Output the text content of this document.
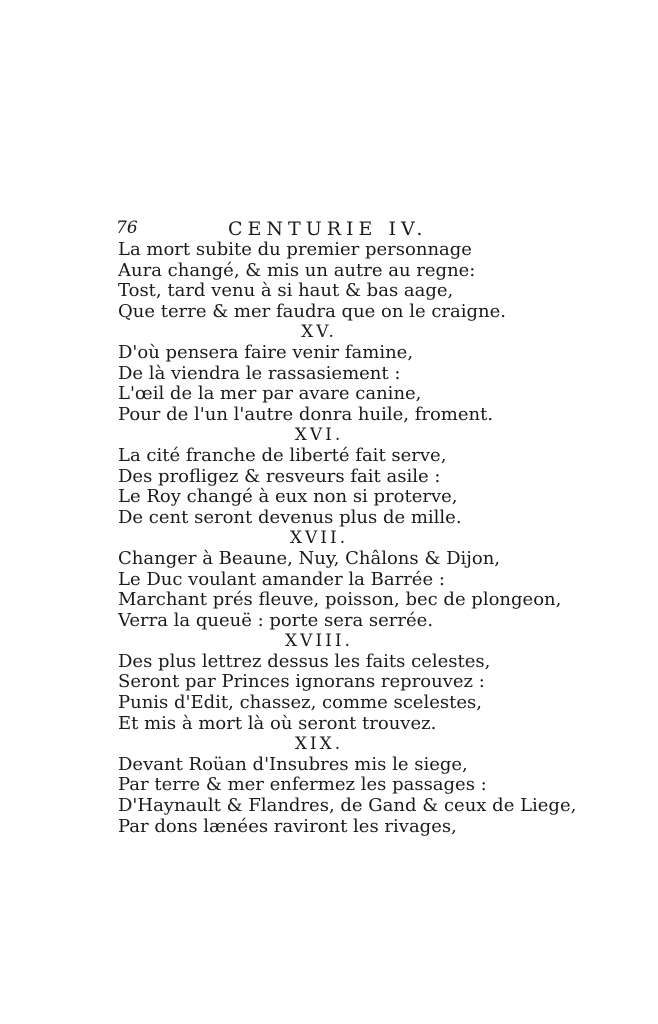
76	CENTURIE IV.
La mort subite du premier personnage
Aura changé, & mis un autre au regne:
Tost, tard venu à si haut & bas aage,
Que terre & mer faudra que on le craigne.
XV.
D'où pensera faire venir famine,
De là viendra le rassasiement :
L'œil de la mer par avare canine,
Pour de l'un l'autre donra huile, froment.
XVI.
La cité franche de liberté fait serve,
Des profligez & resveurs fait asile :
Le Roy changé à eux non si proterve,
De cent seront devenus plus de mille.
XVII.
Changer à Beaune, Nuy, Châlons & Dijon,
Le Duc voulant amander la Barrée :
Marchant prés fleuve, poisson, bec de plongeon,
Verra la queuë : porte sera serrée.
XVIII.
Des plus lettrez dessus les faits celestes,
Seront par Princes ignorans reprouvez :
Punis d'Edit, chassez, comme scelestes,
Et mis à mort là où seront trouvez.
XIX.
Devant Roüan d'Insubres mis le siege,
Par terre & mer enfermez les passages :
D'Haynault & Flandres, de Gand & ceux de Liege,
Par dons lænées raviront les rivages,
